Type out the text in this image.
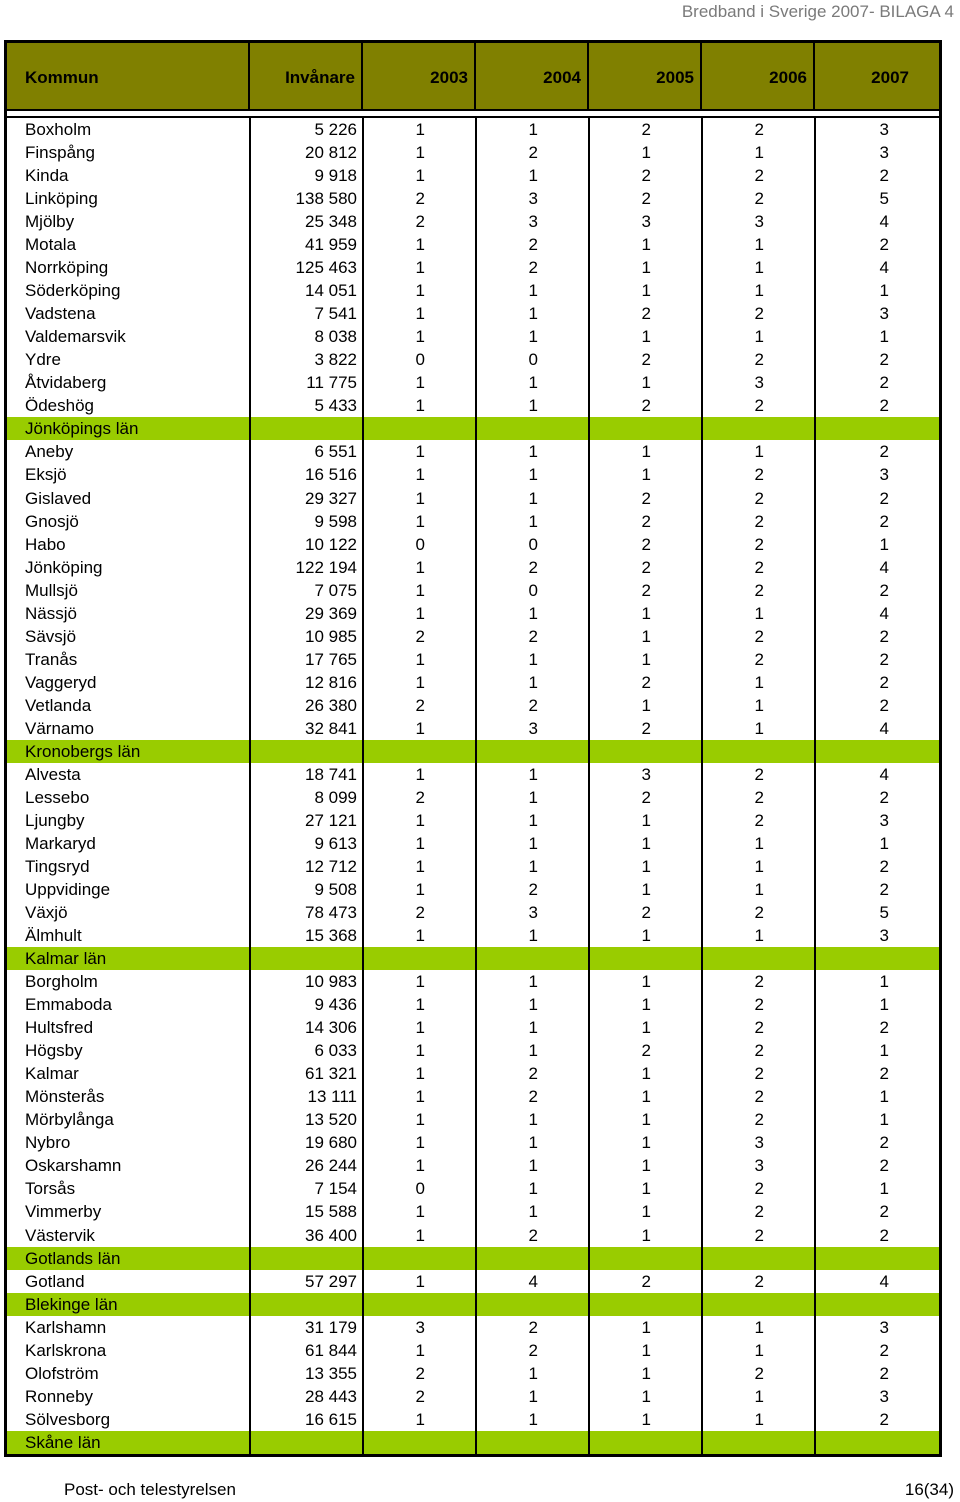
Bredband i Sverige 2007- BILAGA 4
Kommun	Invånare	2003	2004	2005	2006	2007
Boxholm	5 226	1	1	2	2	3
Finspång	20 812	1	2	1	1	3
Kinda	9 918	1	1	2	2	2
Linköping	138 580	2	3	2	2	5
Mjölby	25 348	2	3	3	3	4
Motala	41 959	1	2	1	1	2
Norrköping	125 463	1	2	1	1	4
Söderköping	14 051	1	1	1	1	1
Vadstena	7 541	1	1	2	2	3
Valdemarsvik	8 038	1	1	1	1	1
Ydre	3 822	0	0	2	2	2
Åtvidaberg	11 775	1	1	1	3	2
Ödeshög	5 433	1	1	2	2	2
Jönköpings län
Aneby	6 551	1	1	1	1	2
Eksjö	16 516	1	1	1	2	3
Gislaved	29 327	1	1	2	2	2
Gnosjö	9 598	1	1	2	2	2
Habo	10 122	0	0	2	2	1
Jönköping	122 194	1	2	2	2	4
Mullsjö	7 075	1	0	2	2	2
Nässjö	29 369	1	1	1	1	4
Sävsjö	10 985	2	2	1	2	2
Tranås	17 765	1	1	1	2	2
Vaggeryd	12 816	1	1	2	1	2
Vetlanda	26 380	2	2	1	1	2
Värnamo	32 841	1	3	2	1	4
Kronobergs län
Alvesta	18 741	1	1	3	2	4
Lessebo	8 099	2	1	2	2	2
Ljungby	27 121	1	1	1	2	3
Markaryd	9 613	1	1	1	1	1
Tingsryd	12 712	1	1	1	1	2
Uppvidinge	9 508	1	2	1	1	2
Växjö	78 473	2	3	2	2	5
Älmhult	15 368	1	1	1	1	3
Kalmar län
Borgholm	10 983	1	1	1	2	1
Emmaboda	9 436	1	1	1	2	1
Hultsfred	14 306	1	1	1	2	2
Högsby	6 033	1	1	2	2	1
Kalmar	61 321	1	2	1	2	2
Mönsterås	13 111	1	2	1	2	1
Mörbylånga	13 520	1	1	1	2	1
Nybro	19 680	1	1	1	3	2
Oskarshamn	26 244	1	1	1	3	2
Torsås	7 154	0	1	1	2	1
Vimmerby	15 588	1	1	1	2	2
Västervik	36 400	1	2	1	2	2
Gotlands län
Gotland	57 297	1	4	2	2	4
Blekinge län
Karlshamn	31 179	3	2	1	1	3
Karlskrona	61 844	1	2	1	1	2
Olofström	13 355	2	1	1	2	2
Ronneby	28 443	2	1	1	1	3
Sölvesborg	16 615	1	1	1	1	2
Skåne län
Post- och telestyrelsen	16(34)
